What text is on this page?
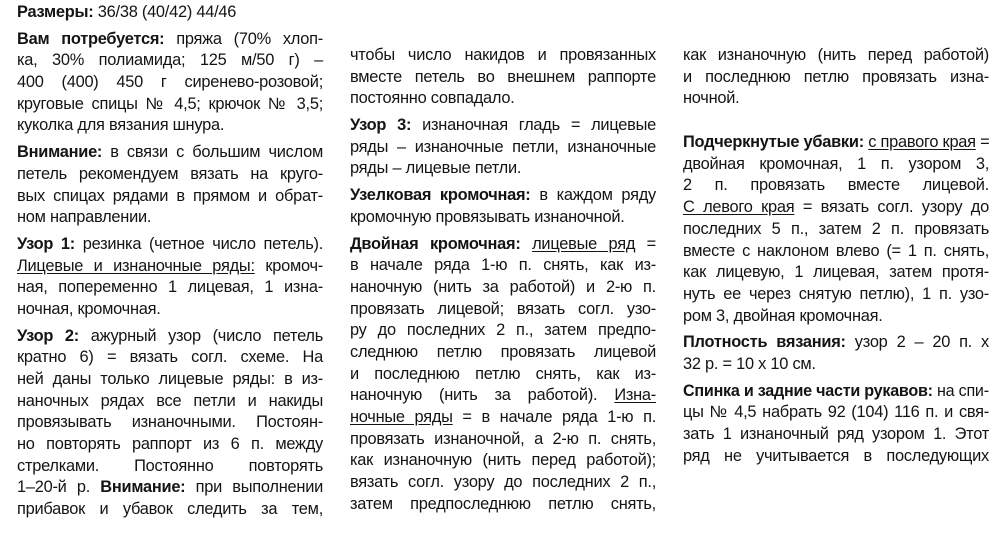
Размеры: 36/38 (40/42) 44/46
Вам потребуется: пряжа (70% хлоп-
ка, 30% полиамида; 125 м/50 г) –
400 (400) 450 г сиренево-розовой;
круговые спицы № 4,5; крючок № 3,5;
куколка для вязания шнура.
Внимание: в связи с большим числом
петель рекомендуем вязать на круго-
вых спицах рядами в прямом и обрат-
ном направлении.
Узор 1: резинка (четное число петель).
Лицевые и изнаночные ряды: кромоч-
ная, попеременно 1 лицевая, 1 изна-
ночная, кромочная.
Узор 2: ажурный узор (число петель
кратно 6) = вязать согл. схеме. На
ней даны только лицевые ряды: в из-
наночных рядах все петли и накиды
провязывать изнаночными. Постоян-
но повторять раппорт из 6 п. между
стрелками. Постоянно повторять
1–20-й р. Внимание: при выполнении
прибавок и убавок следить за тем,
чтобы число накидов и провязанных
вместе петель во внешнем раппорте
постоянно совпадало.
Узор 3: изнаночная гладь = лицевые
ряды – изнаночные петли, изнаночные
ряды – лицевые петли.
Узелковая кромочная: в каждом ряду
кромочную провязывать изнаночной.
Двойная кромочная: лицевые ряд =
в начале ряда 1-ю п. снять, как из-
наночную (нить за работой) и 2-ю п.
провязать лицевой; вязать согл. узо-
ру до последних 2 п., затем предпо-
следнюю петлю провязать лицевой
и последнюю петлю снять, как из-
наночную (нить за работой). Изна-
ночные ряды = в начале ряда 1-ю п.
провязать изнаночной, а 2-ю п. снять,
как изнаночную (нить перед работой);
вязать согл. узору до последних 2 п.,
затем предпоследнюю петлю снять,
как изнаночную (нить перед работой)
и последнюю петлю провязать изна-
ночной.
Подчеркнутые убавки: с правого края =
двойная кромочная, 1 п. узором 3,
2 п. провязать вместе лицевой.
С левого края = вязать согл. узору до
последних 5 п., затем 2 п. провязать
вместе с наклоном влево (= 1 п. снять,
как лицевую, 1 лицевая, затем протя-
нуть ее через снятую петлю), 1 п. узо-
ром 3, двойная кромочная.
Плотность вязания: узор 2 – 20 п. х
32 р. = 10 х 10 см.
Спинка и задние части рукавов: на спи-
цы № 4,5 набрать 92 (104) 116 п. и свя-
зать 1 изнаночный ряд узором 1. Этот
ряд не учитывается в последующих
